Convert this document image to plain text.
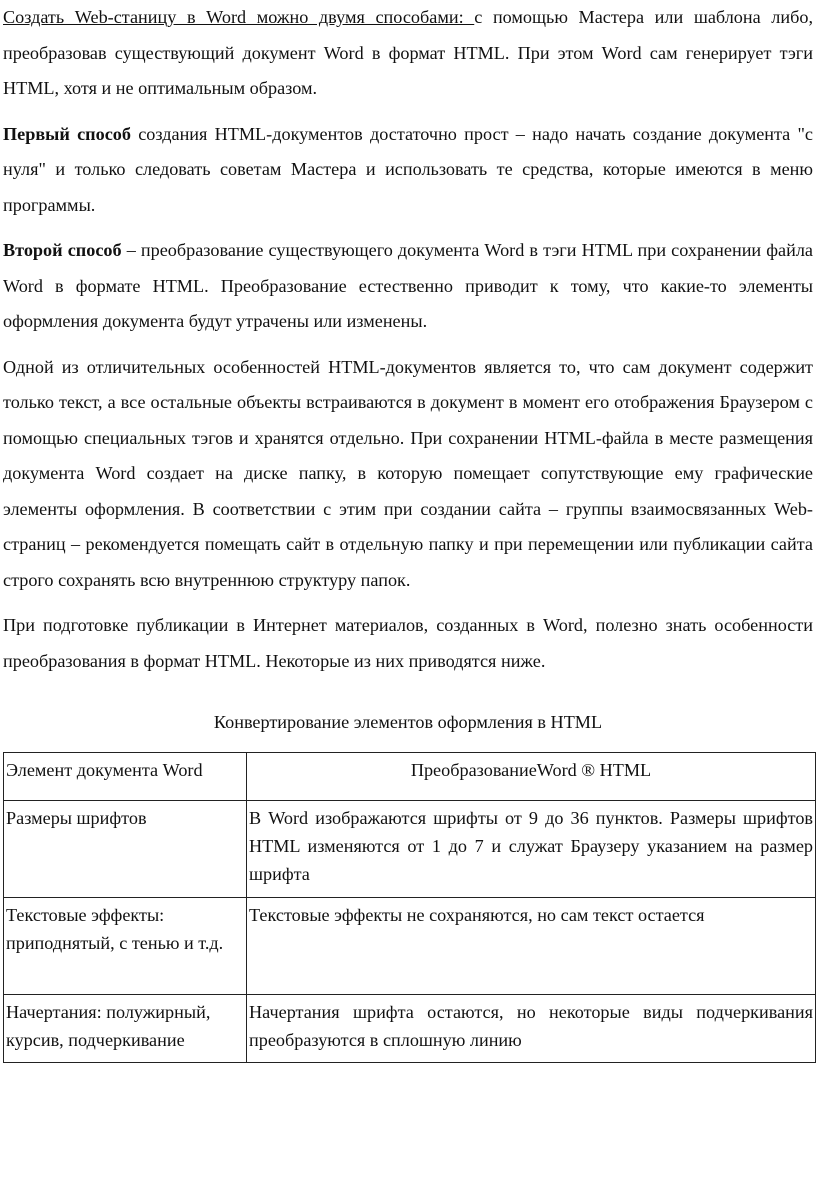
Создать Web-станицу в Word можно двумя способами: с помощью Мастера или шаблона либо, преобразовав существующий документ Word в формат HTML. При этом Word сам генерирует тэги HTML, хотя и не оптимальным образом.

Первый способ создания HTML-документов достаточно прост – надо начать создание документа "с нуля" и только следовать советам Мастера и использовать те средства, которые имеются в меню программы.

Второй способ – преобразование существующего документа Word в тэги HTML при сохранении файла Word в формате HTML. Преобразование естественно приводит к тому, что какие-то элементы оформления документа будут утрачены или изменены.

Одной из отличительных особенностей HTML-документов является то, что сам документ содержит только текст, а все остальные объекты встраиваются в документ в момент его отображения Браузером с помощью специальных тэгов и хранятся отдельно. При сохранении HTML-файла в месте размещения документа Word создает на диске папку, в которую помещает сопутствующие ему графические элементы оформления. В соответствии с этим при создании сайта – группы взаимосвязанных Web-страниц – рекомендуется помещать сайт в отдельную папку и при перемещении или публикации сайта строго сохранять всю внутреннюю структуру папок.

При подготовке публикации в Интернет материалов, созданных в Word, полезно знать особенности преобразования в формат HTML. Некоторые из них приводятся ниже.

Конвертирование элементов оформления в HTML
Элемент документа Word	ПреобразованиеWord ® HTML
Размеры шрифтов	В Word изображаются шрифты от 9 до 36 пунктов. Размеры шрифтов HTML изменяются от 1 до 7 и служат Браузеру указанием на размер шрифта
Текстовые эффекты: приподнятый, с тенью и т.д.	Текстовые эффекты не сохраняются, но сам текст остается
Начертания: полужирный, курсив, подчеркивание	Начертания шрифта остаются, но некоторые виды подчеркивания преобразуются в сплошную линию
